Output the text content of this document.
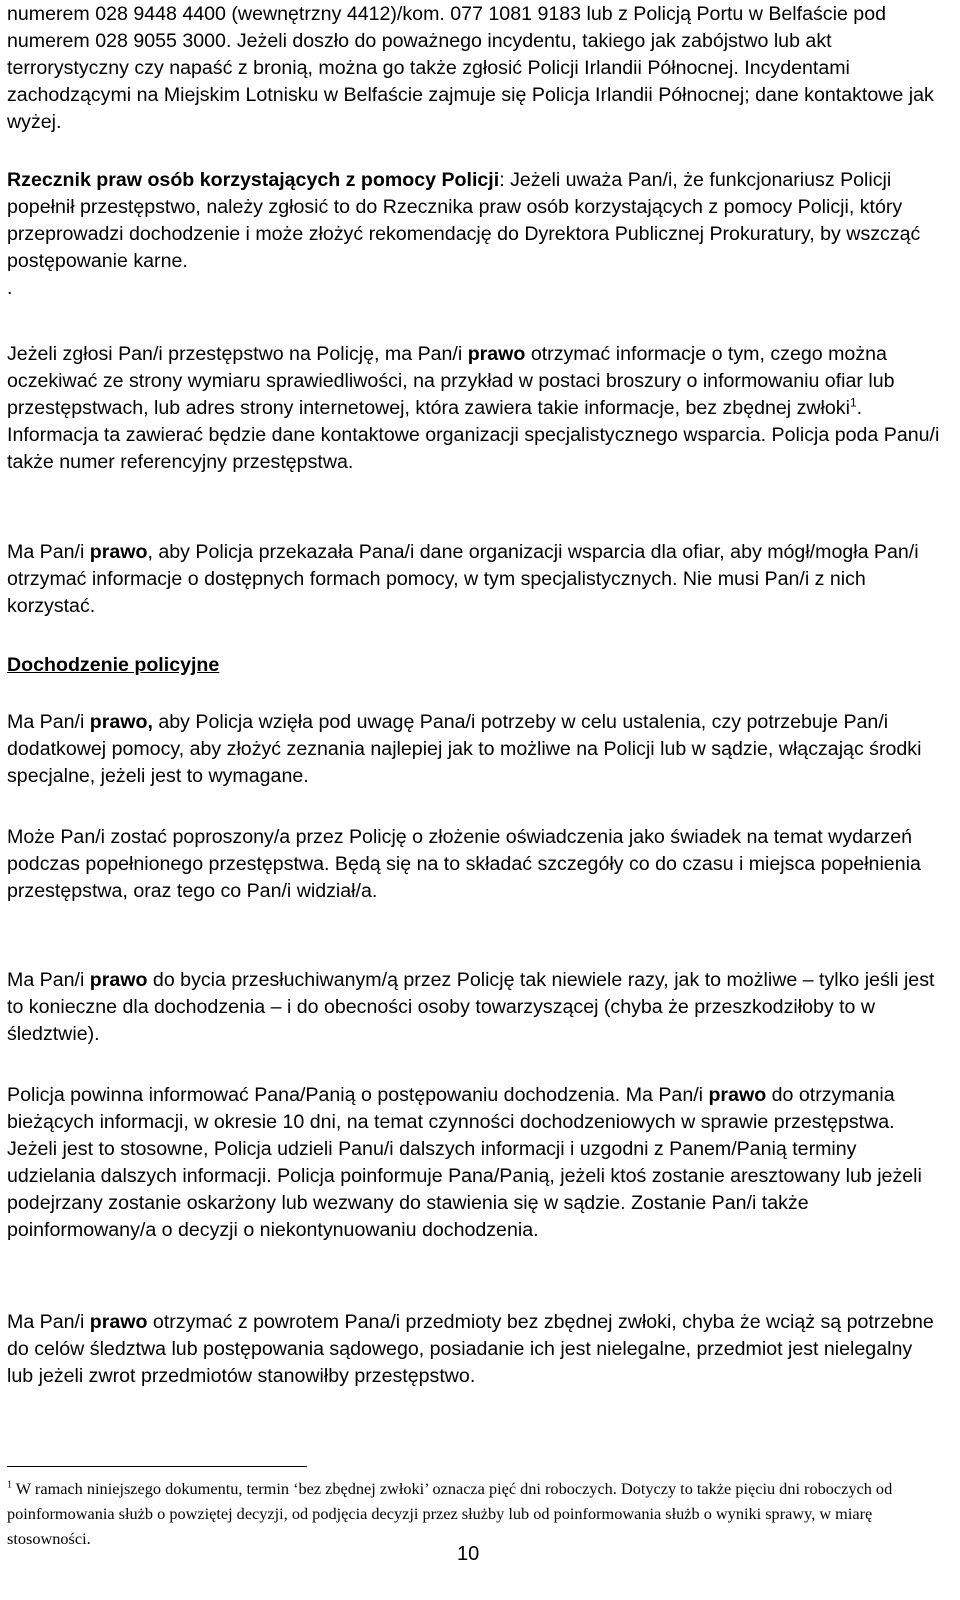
numerem 028 9448 4400 (wewnętrzny 4412)/kom. 077 1081 9183 lub z Policją Portu w Belfaście pod numerem 028 9055 3000. Jeżeli doszło do poważnego incydentu, takiego jak zabójstwo lub akt terrorystyczny czy napaść z bronią, można go także zgłosić Policji Irlandii Północnej. Incydentami zachodzącymi na Miejskim Lotnisku w Belfaście zajmuje się Policja Irlandii Północnej; dane kontaktowe jak wyżej.

Rzecznik praw osób korzystających z pomocy Policji: Jeżeli uważa Pan/i, że funkcjonariusz Policji popełnił przestępstwo, należy zgłosić to do Rzecznika praw osób korzystających z pomocy Policji, który przeprowadzi dochodzenie i może złożyć rekomendację do Dyrektora Publicznej Prokuratury, by wszcząć postępowanie karne.
.

Jeżeli zgłosi Pan/i przestępstwo na Policję, ma Pan/i prawo otrzymać informacje o tym, czego można oczekiwać ze strony wymiaru sprawiedliwości, na przykład w postaci broszury o informowaniu ofiar lub przestępstwach, lub adres strony internetowej, która zawiera takie informacje, bez zbędnej zwłoki$^1$. Informacja ta zawierać będzie dane kontaktowe organizacji specjalistycznego wsparcia. Policja poda Panu/i także numer referencyjny przestępstwa.

Ma Pan/i prawo, aby Policja przekazała Pana/i dane organizacji wsparcia dla ofiar, aby mógł/mogła Pan/i otrzymać informacje o dostępnych formach pomocy, w tym specjalistycznych. Nie musi Pan/i z nich korzystać.

Dochodzenie policyjne

Ma Pan/i prawo, aby Policja wzięła pod uwagę Pana/i potrzeby w celu ustalenia, czy potrzebuje Pan/i dodatkowej pomocy, aby złożyć zeznania najlepiej jak to możliwe na Policji lub w sądzie, włączając środki specjalne, jeżeli jest to wymagane.

Może Pan/i zostać poproszony/a przez Policję o złożenie oświadczenia jako świadek na temat wydarzeń podczas popełnionego przestępstwa. Będą się na to składać szczegóły co do czasu i miejsca popełnienia przestępstwa, oraz tego co Pan/i widział/a.

Ma Pan/i prawo do bycia przesłuchiwanym/ą przez Policję tak niewiele razy, jak to możliwe – tylko jeśli jest to konieczne dla dochodzenia – i do obecności osoby towarzyszącej (chyba że przeszkodziłoby to w śledztwie).

Policja powinna informować Pana/Panią o postępowaniu dochodzenia. Ma Pan/i prawo do otrzymania bieżących informacji, w okresie 10 dni, na temat czynności dochodzeniowych w sprawie przestępstwa. Jeżeli jest to stosowne, Policja udzieli Panu/i dalszych informacji i uzgodni z Panem/Panią terminy udzielania dalszych informacji. Policja poinformuje Pana/Panią, jeżeli ktoś zostanie aresztowany lub jeżeli podejrzany zostanie oskarżony lub wezwany do stawienia się w sądzie. Zostanie Pan/i także poinformowany/a o decyzji o niekontynuowaniu dochodzenia.

Ma Pan/i prawo otrzymać z powrotem Pana/i przedmioty bez zbędnej zwłoki, chyba że wciąż są potrzebne do celów śledztwa lub postępowania sądowego, posiadanie ich jest nielegalne, przedmiot jest nielegalny lub jeżeli zwrot przedmiotów stanowiłby przestępstwo.

$^1$ W ramach niniejszego dokumentu, termin ‘bez zbędnej zwłoki’ oznacza pięć dni roboczych. Dotyczy to także pięciu dni roboczych od poinformowania służb o powziętej decyzji, od podjęcia decyzji przez służby lub od poinformowania służb o wyniki sprawy, w miarę stosowności.

10
